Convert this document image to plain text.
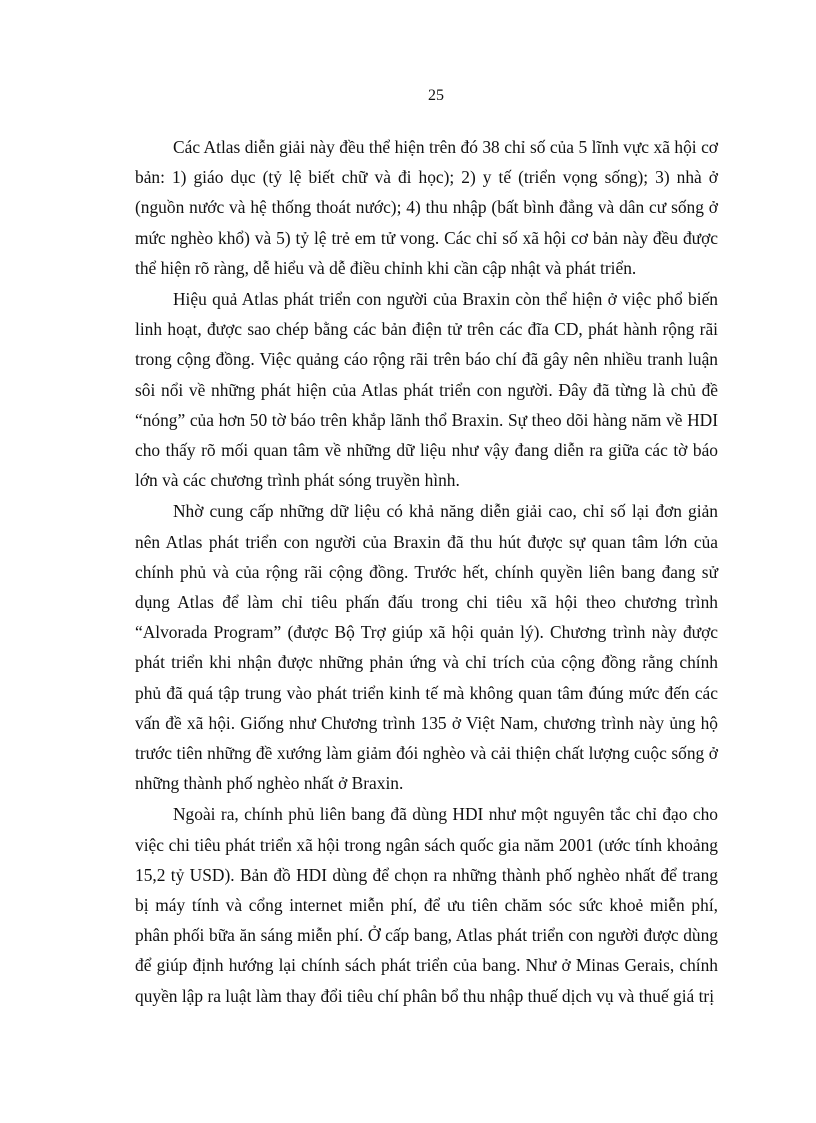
25

Các Atlas diễn giải này đều thể hiện trên đó 38 chỉ số của 5 lĩnh vực xã hội cơ bản: 1) giáo dục (tỷ lệ biết chữ và đi học); 2) y tế (triển vọng sống); 3) nhà ở (nguồn nước và hệ thống thoát nước); 4) thu nhập (bất bình đẳng và dân cư sống ở mức nghèo khổ) và 5) tỷ lệ trẻ em tử vong. Các chỉ số xã hội cơ bản này đều được thể hiện rõ ràng, dễ hiểu và dễ điều chỉnh khi cần cập nhật và phát triển.

Hiệu quả Atlas phát triển con người của Braxin còn thể hiện ở việc phổ biến linh hoạt, được sao chép bằng các bản điện tử trên các đĩa CD, phát hành rộng rãi trong cộng đồng. Việc quảng cáo rộng rãi trên báo chí đã gây nên nhiều tranh luận sôi nổi về những phát hiện của Atlas phát triển con người. Đây đã từng là chủ đề “nóng” của hơn 50 tờ báo trên khắp lãnh thổ Braxin. Sự theo dõi hàng năm về HDI cho thấy rõ mối quan tâm về những dữ liệu như vậy đang diễn ra giữa các tờ báo lớn và các chương trình phát sóng truyền hình.

Nhờ cung cấp những dữ liệu có khả năng diễn giải cao, chỉ số lại đơn giản nên Atlas phát triển con người của Braxin đã thu hút được sự quan tâm lớn của chính phủ và của rộng rãi cộng đồng. Trước hết, chính quyền liên bang đang sử dụng Atlas để làm chỉ tiêu phấn đấu trong chi tiêu xã hội theo chương trình “Alvorada Program” (được Bộ Trợ giúp xã hội quản lý). Chương trình này được phát triển khi nhận được những phản ứng và chỉ trích của cộng đồng rằng chính phủ đã quá tập trung vào phát triển kinh tế mà không quan tâm đúng mức đến các vấn đề xã hội. Giống như Chương trình 135 ở Việt Nam, chương trình này ủng hộ trước tiên những đề xướng làm giảm đói nghèo và cải thiện chất lượng cuộc sống ở những thành phố nghèo nhất ở Braxin.

Ngoài ra, chính phủ liên bang đã dùng HDI như một nguyên tắc chỉ đạo cho việc chi tiêu phát triển xã hội trong ngân sách quốc gia năm 2001 (ước tính khoảng 15,2 tỷ USD). Bản đồ HDI dùng để chọn ra những thành phố nghèo nhất để trang bị máy tính và cổng internet miễn phí, để ưu tiên chăm sóc sức khoẻ miễn phí, phân phối bữa ăn sáng miễn phí. Ở cấp bang, Atlas phát triển con người được dùng để giúp định hướng lại chính sách phát triển của bang. Như ở Minas Gerais, chính quyền lập ra luật làm thay đổi tiêu chí phân bổ thu nhập thuế dịch vụ và thuế giá trị
